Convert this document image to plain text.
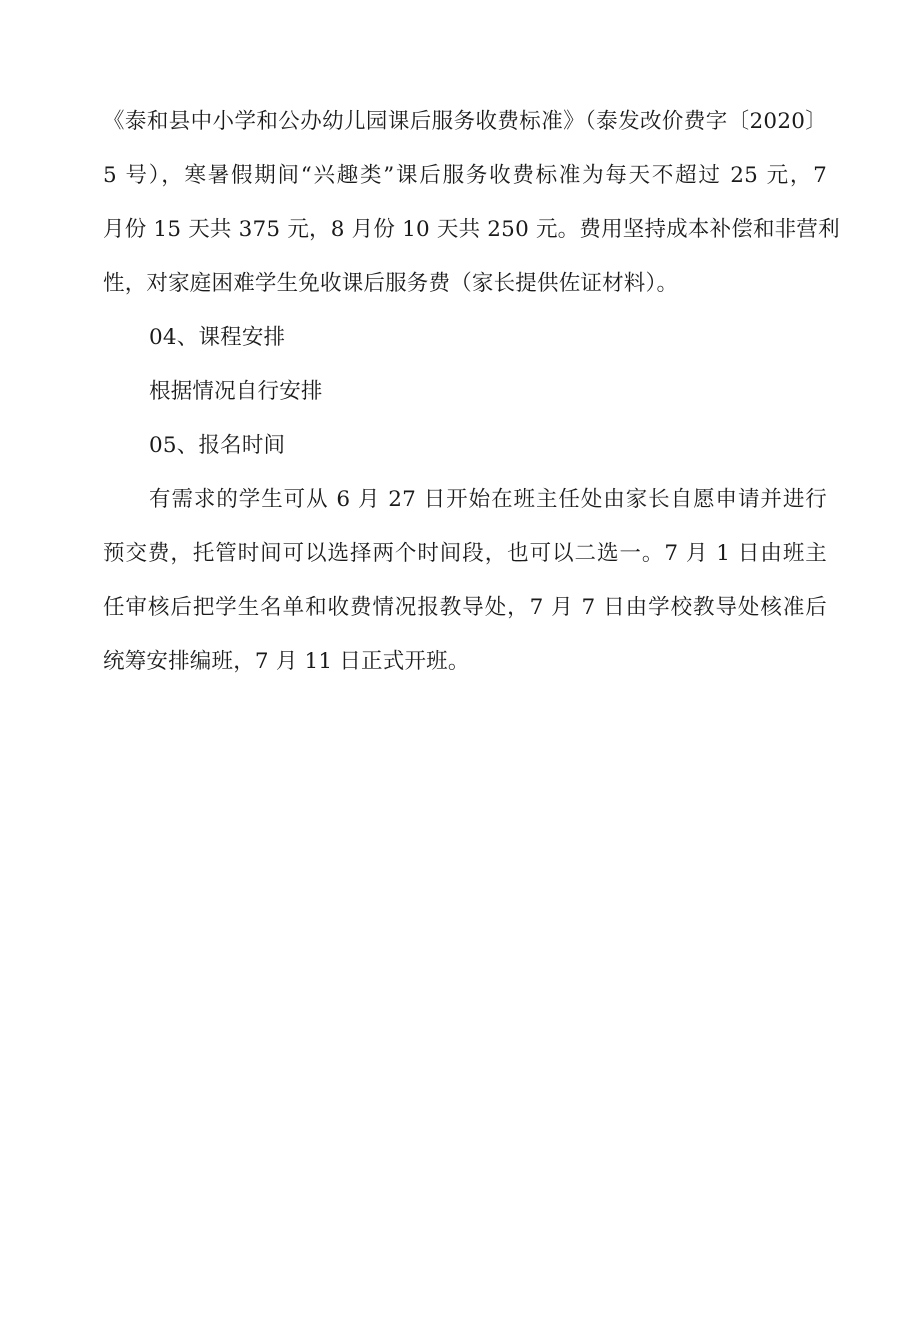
《泰和县中小学和公办幼儿园课后服务收费标准》（泰发改价费字〔2020〕
5 号），寒暑假期间“兴趣类”课后服务收费标准为每天不超过 25 元，7
月份 15 天共 375 元，8 月份 10 天共 250 元。费用坚持成本补偿和非营利
性，对家庭困难学生免收课后服务费（家长提供佐证材料）。
04、课程安排
根据情况自行安排
05、报名时间
有需求的学生可从 6 月 27 日开始在班主任处由家长自愿申请并进行
预交费，托管时间可以选择两个时间段，也可以二选一。7 月 1 日由班主
任审核后把学生名单和收费情况报教导处，7 月 7 日由学校教导处核准后
统筹安排编班，7 月 11 日正式开班。
